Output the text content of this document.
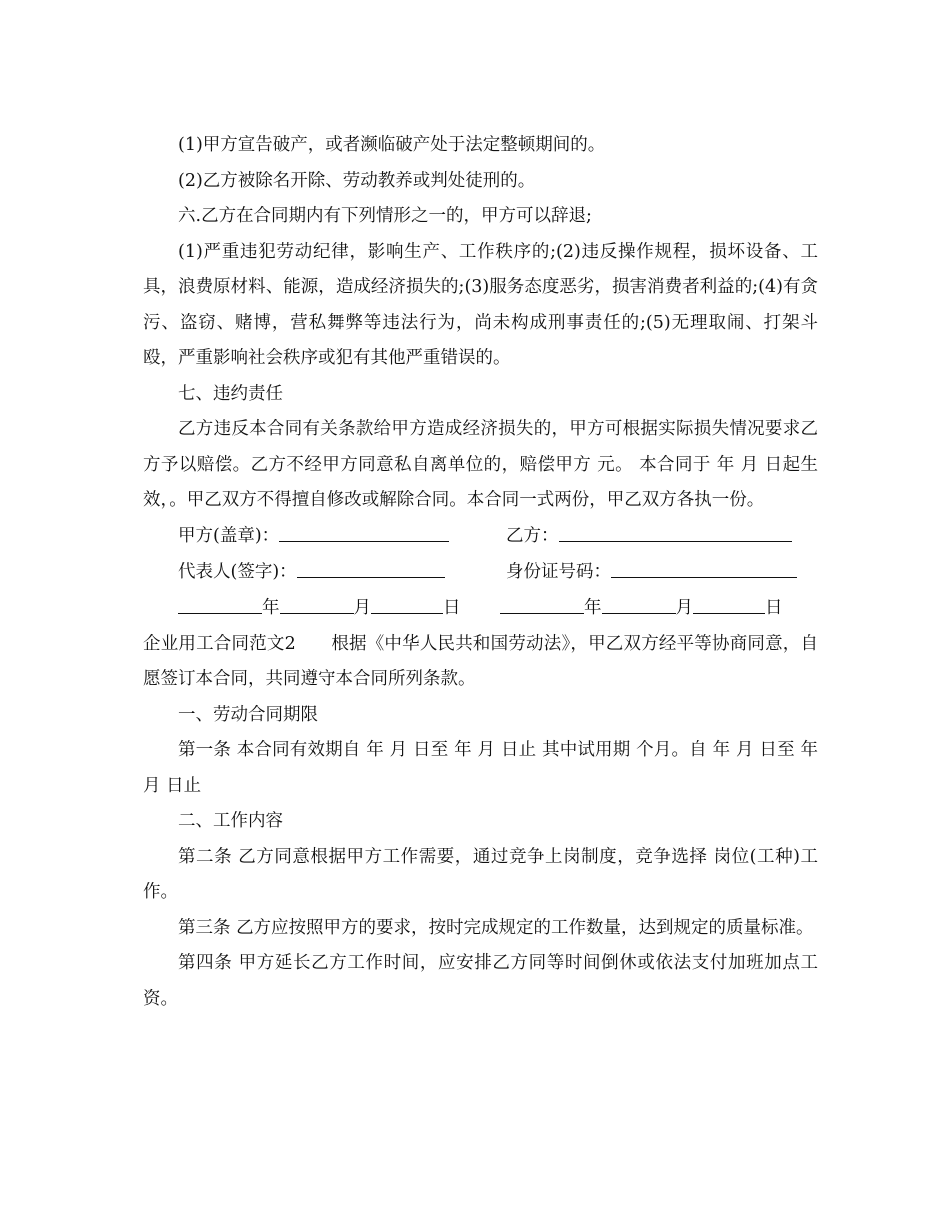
(1)甲方宣告破产，或者濒临破产处于法定整顿期间的。

(2)乙方被除名开除、劳动教养或判处徒刑的。

六.乙方在合同期内有下列情形之一的，甲方可以辞退;

(1)严重违犯劳动纪律，影响生产、工作秩序的;(2)违反操作规程，损坏设备、工具，浪费原材料、能源，造成经济损失的;(3)服务态度恶劣，损害消费者利益的;(4)有贪污、盗窃、赌博，营私舞弊等违法行为，尚未构成刑事责任的;(5)无理取闹、打架斗殴，严重影响社会秩序或犯有其他严重错误的。

七、违约责任

乙方违反本合同有关条款给甲方造成经济损失的，甲方可根据实际损失情况要求乙方予以赔偿。乙方不经甲方同意私自离单位的，赔偿甲方 元。 本合同于 年 月 日起生效，。甲乙双方不得擅自修改或解除合同。本合同一式两份，甲乙双方各执一份。

甲方(盖章)：	乙方：
代表人(签字)：	身份证号码：
年	月	日	年	月	日

企业用工合同范文2　　根据《中华人民共和国劳动法》，甲乙双方经平等协商同意，自愿签订本合同，共同遵守本合同所列条款。

一、劳动合同期限

第一条 本合同有效期自 年 月 日至 年 月 日止 其中试用期 个月。自 年 月 日至 年 月 日止

二、工作内容

第二条 乙方同意根据甲方工作需要，通过竞争上岗制度，竞争选择 岗位(工种)工作。

第三条 乙方应按照甲方的要求，按时完成规定的工作数量，达到规定的质量标准。

第四条 甲方延长乙方工作时间，应安排乙方同等时间倒休或依法支付加班加点工资。
